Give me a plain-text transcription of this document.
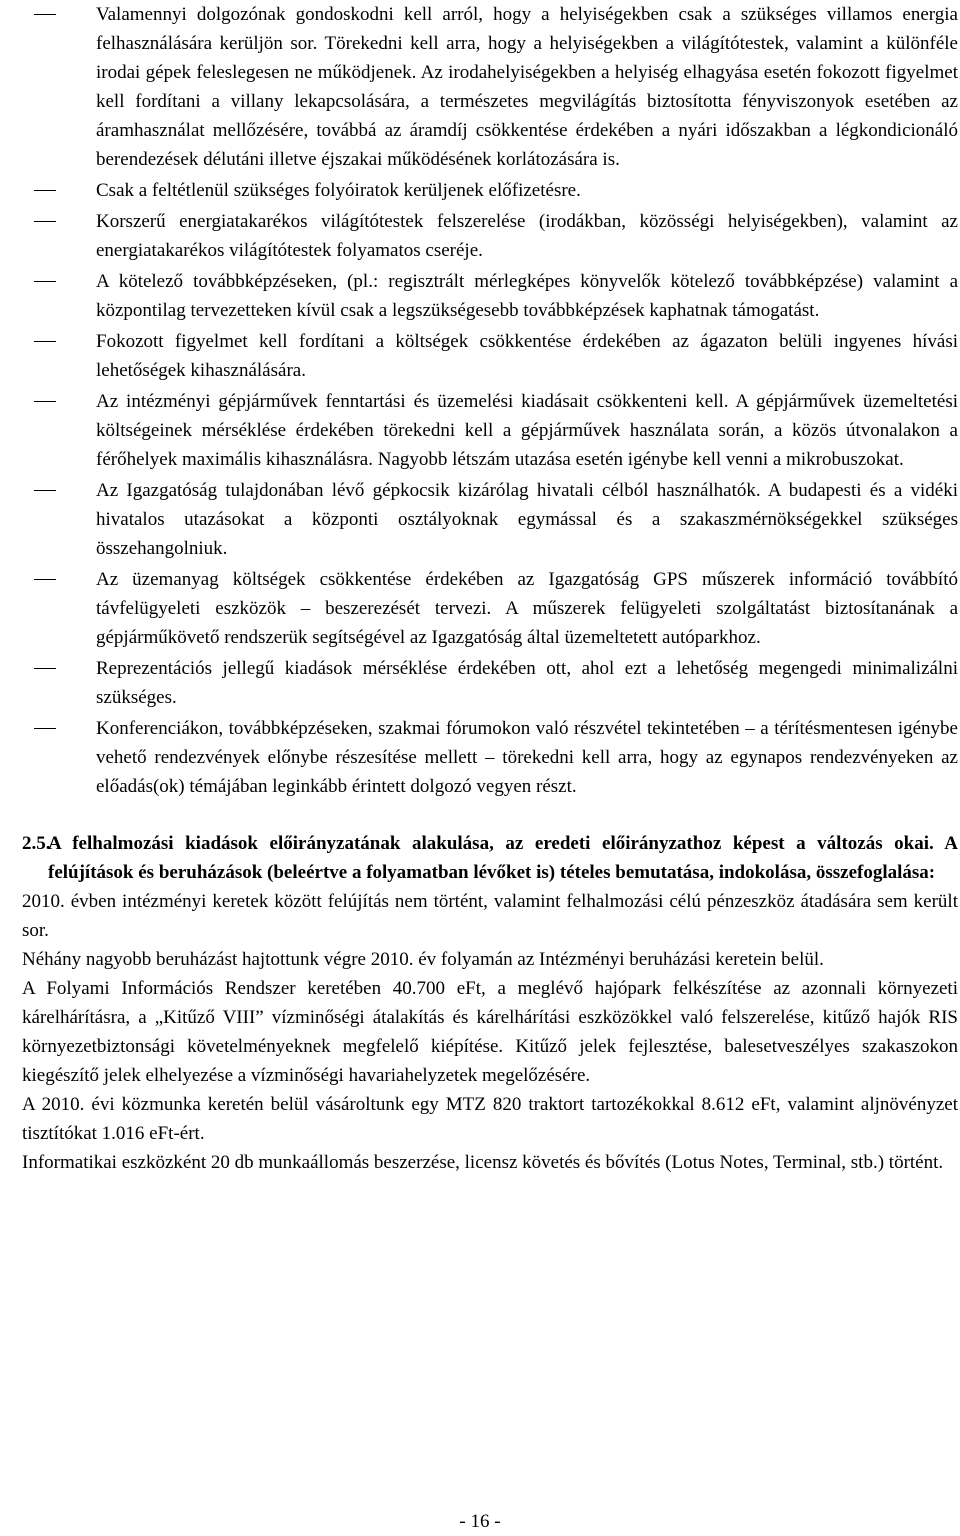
Valamennyi dolgozónak gondoskodni kell arról, hogy a helyiségekben csak a szükséges villamos energia felhasználására kerüljön sor. Törekedni kell arra, hogy a helyiségekben a világítótestek, valamint a különféle irodai gépek feleslegesen ne működjenek. Az irodahelyiségekben a helyiség elhagyása esetén fokozott figyelmet kell fordítani a villany lekapcsolására, a természetes megvilágítás biztosította fényviszonyok esetében az áramhasználat mellőzésére, továbbá az áramdíj csökkentése érdekében a nyári időszakban a légkondicionáló berendezések délutáni illetve éjszakai működésének korlátozására is.
Csak a feltétlenül szükséges folyóiratok kerüljenek előfizetésre.
Korszerű energiatakarékos világítótestek felszerelése (irodákban, közösségi helyiségekben), valamint az energiatakarékos világítótestek folyamatos cseréje.
A kötelező továbbképzéseken, (pl.: regisztrált mérlegképes könyvelők kötelező továbbképzése) valamint a központilag tervezetteken kívül csak a legszükségesebb továbbképzések kaphatnak támogatást.
Fokozott figyelmet kell fordítani a költségek csökkentése érdekében az ágazaton belüli ingyenes hívási lehetőségek kihasználására.
Az intézményi gépjárművek fenntartási és üzemelési kiadásait csökkenteni kell. A gépjárművek üzemeltetési költségeinek mérséklése érdekében törekedni kell a gépjárművek használata során, a közös útvonalakon a férőhelyek maximális kihasználásra. Nagyobb létszám utazása esetén igénybe kell venni a mikrobuszokat.
Az Igazgatóság tulajdonában lévő gépkocsik kizárólag hivatali célból használhatók. A budapesti és a vidéki hivatalos utazásokat a központi osztályoknak egymással és a szakaszmérnökségekkel szükséges összehangolniuk.
Az üzemanyag költségek csökkentése érdekében az Igazgatóság GPS műszerek információ továbbító távfelügyeleti eszközök – beszerezését tervezi. A műszerek felügyeleti szolgáltatást biztosítanának a gépjárműkövető rendszerük segítségével az Igazgatóság által üzemeltetett autóparkhoz.
Reprezentációs jellegű kiadások mérséklése érdekében ott, ahol ezt a lehetőség megengedi minimalizálni szükséges.
Konferenciákon, továbbképzéseken, szakmai fórumokon való részvétel tekintetében – a térítésmentesen igénybe vehető rendezvények előnybe részesítése mellett – törekedni kell arra, hogy az egynapos rendezvényeken az előadás(ok) témájában leginkább érintett dolgozó vegyen részt.
2.5.
A felhalmozási kiadások előirányzatának alakulása, az eredeti előirányzathoz képest a változás okai. A felújítások és beruházások (beleértve a folyamatban lévőket is) tételes bemutatása, indokolása, összefoglalása:

2010. évben intézményi keretek között felújítás nem történt, valamint felhalmozási célú pénzeszköz átadására sem került sor.

Néhány nagyobb beruházást hajtottunk végre 2010. év folyamán az Intézményi beruházási keretein belül.

A Folyami Információs Rendszer keretében 40.700 eFt, a meglévő hajópark felkészítése az azonnali környezeti kárelhárításra, a „Kitűző VIII” vízminőségi átalakítás és kárelhárítási eszközökkel való felszerelése, kitűző hajók RIS környezetbiztonsági követelményeknek megfelelő kiépítése. Kitűző jelek fejlesztése, balesetveszélyes szakaszokon kiegészítő jelek elhelyezése a vízminőségi havariahelyzetek megelőzésére.

A 2010. évi közmunka keretén belül vásároltunk egy MTZ 820 traktort tartozékokkal 8.612 eFt, valamint aljnövényzet tisztítókat 1.016 eFt-ért.

Informatikai eszközként 20 db munkaállomás beszerzése, licensz követés és bővítés (Lotus Notes, Terminal, stb.) történt.

- 16 -
